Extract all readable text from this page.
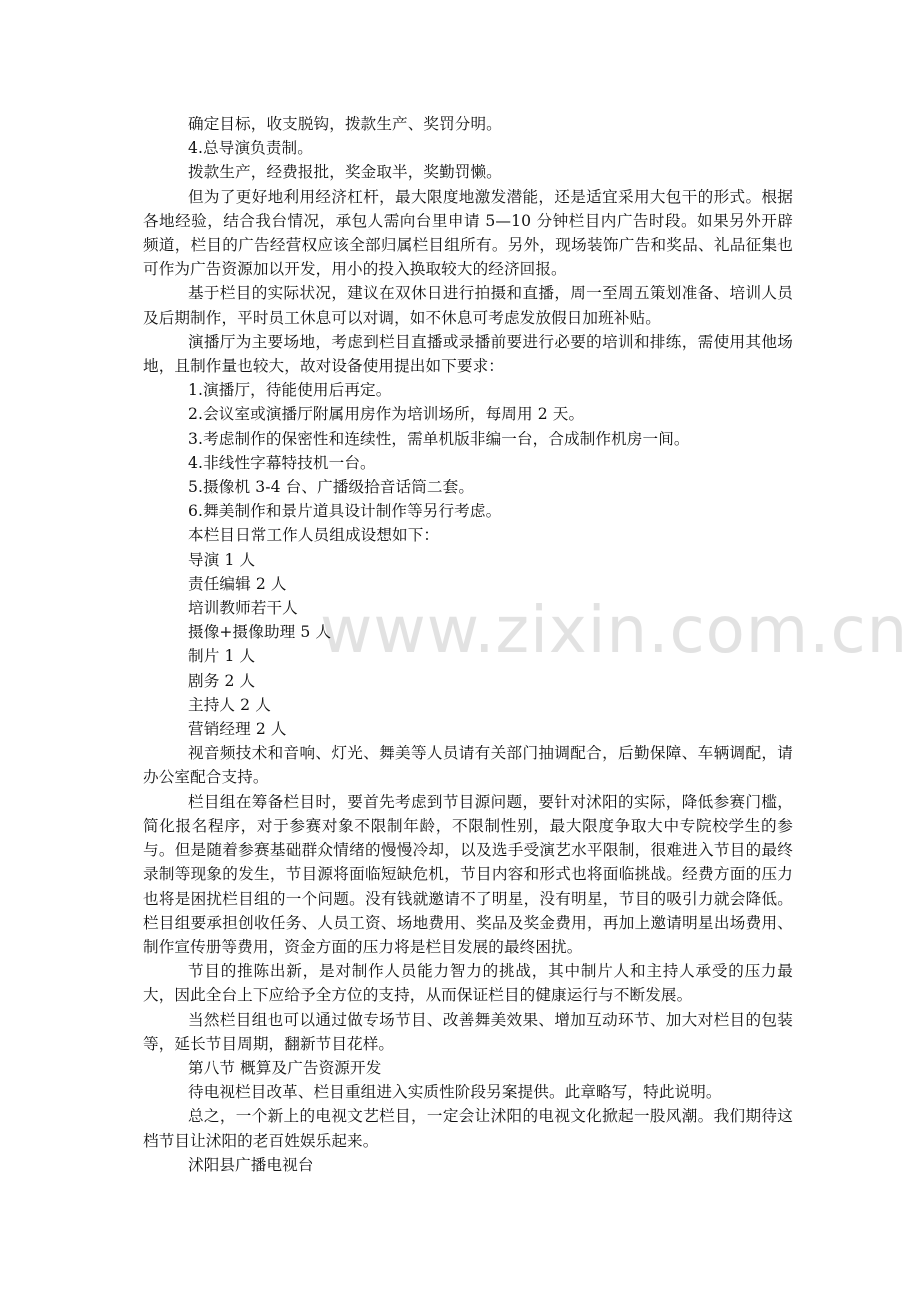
www.zixin.com.cn

确定目标，收支脱钩，拨款生产、奖罚分明。

4.总导演负责制。

拨款生产，经费报批，奖金取半，奖勤罚懒。

但为了更好地利用经济杠杆，最大限度地激发潜能，还是适宜采用大包干的形式。根据各地经验，结合我台情况，承包人需向台里申请 5—10 分钟栏目内广告时段。如果另外开辟频道，栏目的广告经营权应该全部归属栏目组所有。另外，现场装饰广告和奖品、礼品征集也可作为广告资源加以开发，用小的投入换取较大的经济回报。

基于栏目的实际状况，建议在双休日进行拍摄和直播，周一至周五策划准备、培训人员及后期制作，平时员工休息可以对调，如不休息可考虑发放假日加班补贴。

演播厅为主要场地，考虑到栏目直播或录播前要进行必要的培训和排练，需使用其他场地，且制作量也较大，故对设备使用提出如下要求：

1.演播厅，待能使用后再定。

2.会议室或演播厅附属用房作为培训场所，每周用 2 天。

3.考虑制作的保密性和连续性，需单机版非编一台，合成制作机房一间。

4.非线性字幕特技机一台。

5.摄像机 3-4 台、广播级拾音话筒二套。

6.舞美制作和景片道具设计制作等另行考虑。

本栏目日常工作人员组成设想如下：

导演 1 人

责任编辑 2 人

培训教师若干人

摄像+摄像助理 5 人

制片 1 人

剧务 2 人

主持人 2 人

营销经理 2 人

视音频技术和音响、灯光、舞美等人员请有关部门抽调配合，后勤保障、车辆调配，请办公室配合支持。

栏目组在筹备栏目时，要首先考虑到节目源问题，要针对沭阳的实际，降低参赛门槛，简化报名程序，对于参赛对象不限制年龄，不限制性别，最大限度争取大中专院校学生的参与。但是随着参赛基础群众情绪的慢慢冷却，以及选手受演艺水平限制，很难进入节目的最终录制等现象的发生，节目源将面临短缺危机，节目内容和形式也将面临挑战。经费方面的压力也将是困扰栏目组的一个问题。没有钱就邀请不了明星，没有明星，节目的吸引力就会降低。栏目组要承担创收任务、人员工资、场地费用、奖品及奖金费用，再加上邀请明星出场费用、制作宣传册等费用，资金方面的压力将是栏目发展的最终困扰。

节目的推陈出新，是对制作人员能力智力的挑战，其中制片人和主持人承受的压力最大，因此全台上下应给予全方位的支持，从而保证栏目的健康运行与不断发展。

当然栏目组也可以通过做专场节目、改善舞美效果、增加互动环节、加大对栏目的包装等，延长节目周期，翻新节目花样。

第八节 概算及广告资源开发

待电视栏目改革、栏目重组进入实质性阶段另案提供。此章略写，特此说明。

总之，一个新上的电视文艺栏目，一定会让沭阳的电视文化掀起一股风潮。我们期待这档节目让沭阳的老百姓娱乐起来。

沭阳县广播电视台
